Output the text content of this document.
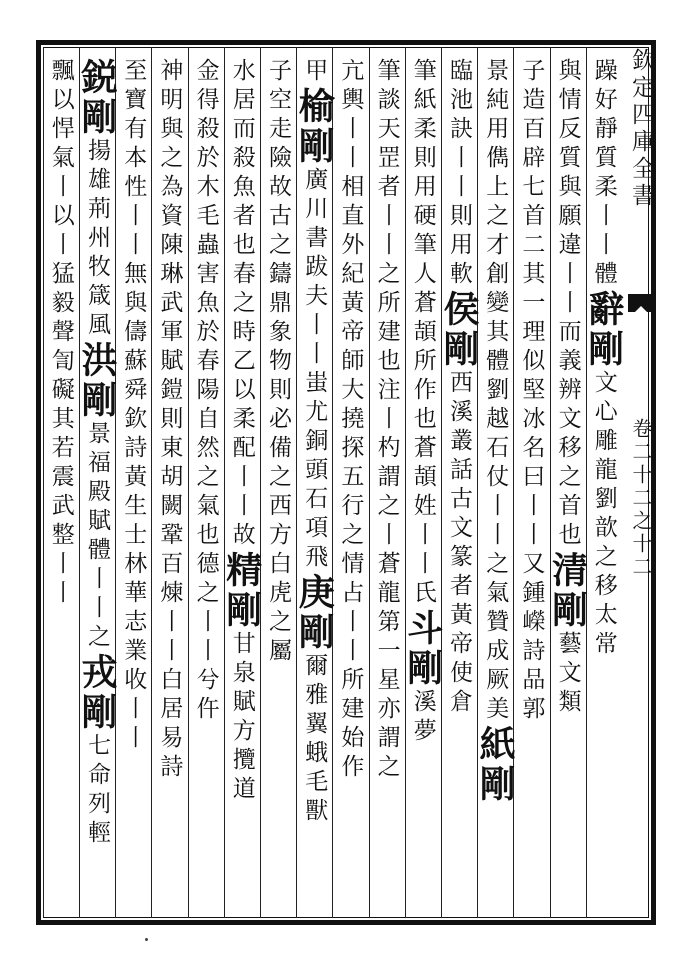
欽定四庫全書
卷二十二之十二
躁好靜質柔丨丨體辭剛文心雕龍劉歆之移太常
與情反質與願違丨丨而義辨文移之首也清剛藝文類
子造百辟七首二其一理似堅冰名曰丨丨又鍾嶸詩品郭
景純用儁上之才創變其體劉越石仗丨丨之氣贊成厥美紙剛
臨池訣丨丨則用軟侯剛西溪叢話古文篆者黃帝使倉
筆紙柔則用硬筆人蒼頡所作也蒼頡姓丨丨氏斗剛溪夢
筆談天罡者丨丨之所建也注丨杓謂之丨蒼龍第一星亦謂之
亢輿丨丨相直外紀黃帝師大撓探五行之情占丨丨所建始作
甲榆剛廣川書跋夫丨丨蚩尤銅頭石項飛庚剛爾雅翼蛾毛獸
子空走險故古之鑄鼎象物則必備之西方白虎之屬
水居而殺魚者也春之時乙以柔配丨丨故精剛甘泉賦方攬道
金得殺於木毛蟲害魚於春陽自然之氣也德之丨丨兮仵
神明與之為資陳琳武軍賦鎧則東胡闕鞏百煉丨丨白居易詩
至寶有本性丨丨無與儔蘇舜欽詩黃生士林華志業收丨丨
鋭剛揚雄荊州牧箴風洪剛景福殿賦體丨丨之戎剛七命列輕
飄以悍氣丨以丨猛毅聲訇礙其若震武整丨丨
